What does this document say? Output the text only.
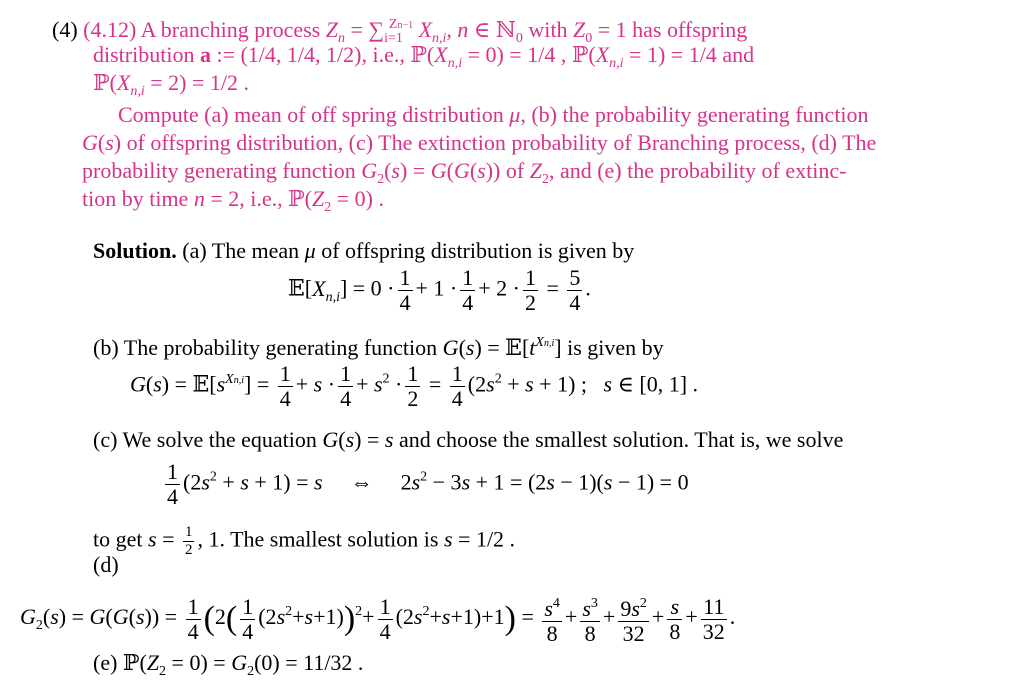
(4) (4.12) A branching process $Z_n = \sum_{i=1}^{Zn-1}$ $X_{n,i}$, n ∈ ℕ$_0$ with $Z_0 = 1$ has offspring
distribution a := (1/4, 1/4, 1/2), i.e., $ℙ(X_{n,i} = 0) = 1/4$ , $ℙ(X_{n,i} = 1) = 1/4$ and
$ℙ(X_{n,i} = 2) = 1/2$ .
Compute (a) mean of off spring distribution μ, (b) the probability generating function
G(s) of offspring distribution, (c) The extinction probability of Branching process, (d) The
probability generating function $G_2(s) = G(G(s))$ of $Z_2$, and (e) the probability of extinc-
tion by time n = 2, i.e., $ℙ(Z_2 = 0)$ .
Solution. (a) The mean μ of offspring distribution is given by
$𝔼[X_{n,i}] = 0 \cdot \frac{1}{4} + 1 \cdot \frac{1}{4} + 2 \cdot \frac{1}{2} = \frac{5}{4}$ .
(b) The probability generating function $G(s) = 𝔼[t^{Xn,i}]$ is given by
$G(s) = 𝔼[s^{Xn,i}] = \frac{1}{4} + s \cdot \frac{1}{4} + s^2 \cdot \frac{1}{2} = \frac{1}{4} (2s^2 + s + 1)$ ;   s ∈ [0, 1] .
(c) We solve the equation G(s) = s and choose the smallest solution. That is, we solve
$\frac{1}{4} (2s^2 + s + 1) = s$ ⇔ $2s^2 - 3s + 1 = (2s - 1)(s - 1) = 0$
to get $s = \frac{1}{2}$ , 1. The smallest solution is s = 1/2 .
(d)
$G_2(s) = G(G(s)) = \frac{1}{4} (2( \frac{1}{4} (2s^2+s+1))^2+ \frac{1}{4} (2s^2+s+1)+1) = \frac{s^4}{8} + \frac{s^3}{8} + \frac{9s^2}{32} + \frac{s}{8} + \frac{11}{32}$ .
(e) $ℙ(Z_2 = 0) = G_2(0) = 11/32$ .
